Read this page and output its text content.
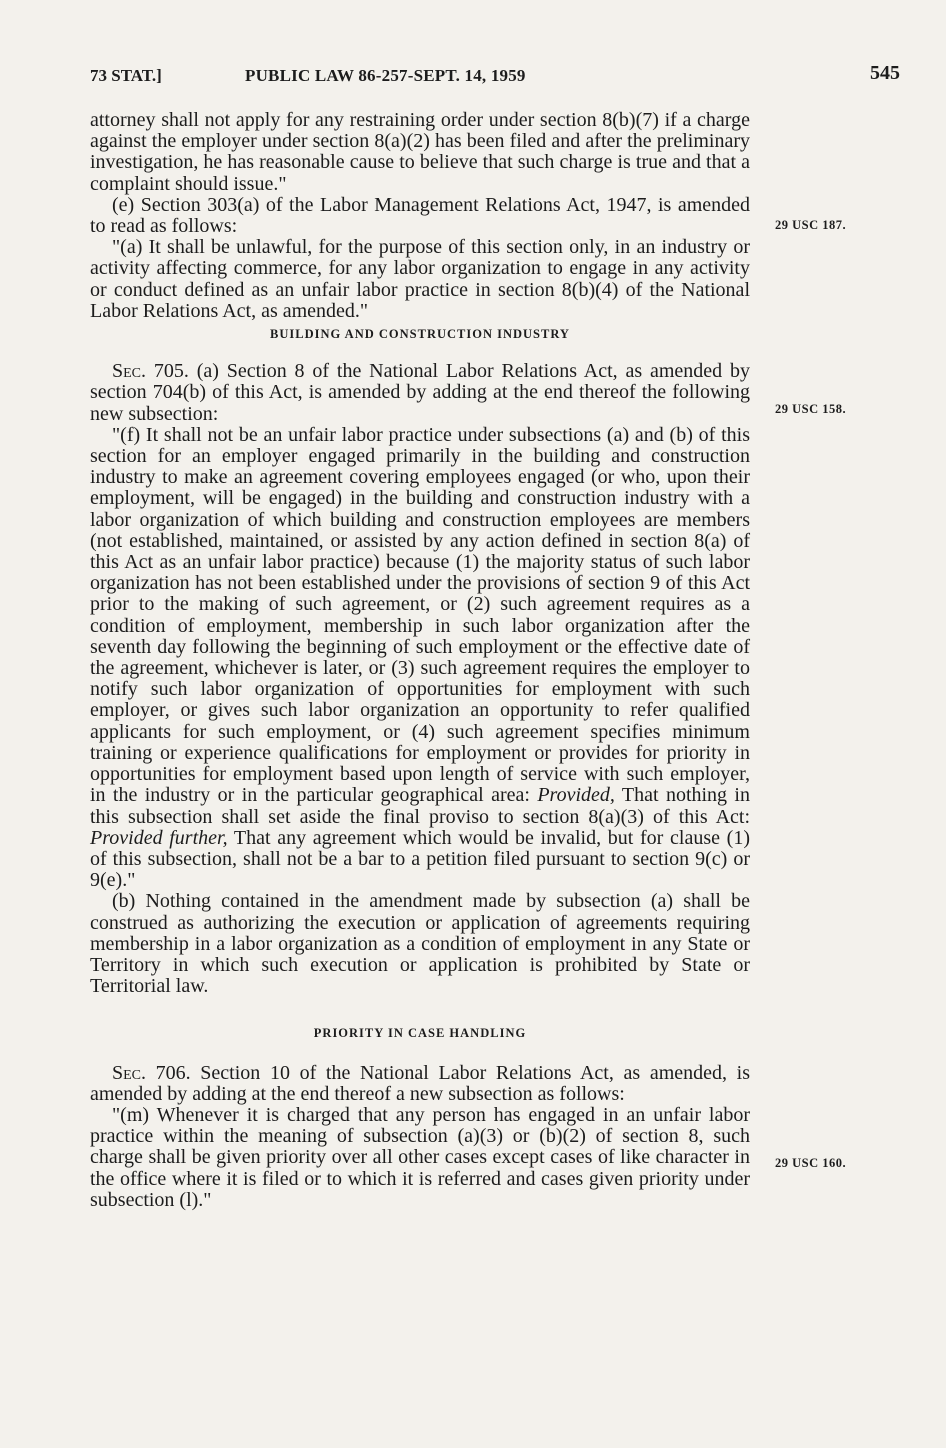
73 STAT.]	PUBLIC LAW 86-257-SEPT. 14, 1959	545
29 USC 187.
29 USC 158.
29 USC 160.

attorney shall not apply for any restraining order under section 8(b)(7) if a charge against the employer under section 8(a)(2) has been filed and after the preliminary investigation, he has reasonable cause to believe that such charge is true and that a complaint should issue."

(e) Section 303(a) of the Labor Management Relations Act, 1947, is amended to read as follows:

"(a) It shall be unlawful, for the purpose of this section only, in an industry or activity affecting commerce, for any labor organization to engage in any activity or conduct defined as an unfair labor practice in section 8(b)(4) of the National Labor Relations Act, as amended."

BUILDING AND CONSTRUCTION INDUSTRY

Sec. 705. (a) Section 8 of the National Labor Relations Act, as amended by section 704(b) of this Act, is amended by adding at the end thereof the following new subsection:

"(f) It shall not be an unfair labor practice under subsections (a) and (b) of this section for an employer engaged primarily in the building and construction industry to make an agreement covering employees engaged (or who, upon their employment, will be engaged) in the building and construction industry with a labor organization of which building and construction employees are members (not established, maintained, or assisted by any action defined in section 8(a) of this Act as an unfair labor practice) because (1) the majority status of such labor organization has not been established under the provisions of section 9 of this Act prior to the making of such agreement, or (2) such agreement requires as a condition of employment, membership in such labor organization after the seventh day following the beginning of such employment or the effective date of the agreement, whichever is later, or (3) such agreement requires the employer to notify such labor organization of opportunities for employment with such employer, or gives such labor organization an opportunity to refer qualified applicants for such employment, or (4) such agreement specifies minimum training or experience qualifications for employment or provides for priority in opportunities for employment based upon length of service with such employer, in the industry or in the particular geographical area: Provided, That nothing in this subsection shall set aside the final proviso to section 8(a)(3) of this Act: Provided further, That any agreement which would be invalid, but for clause (1) of this subsection, shall not be a bar to a petition filed pursuant to section 9(c) or 9(e)."

(b) Nothing contained in the amendment made by subsection (a) shall be construed as authorizing the execution or application of agreements requiring membership in a labor organization as a condition of employment in any State or Territory in which such execution or application is prohibited by State or Territorial law.

PRIORITY IN CASE HANDLING

Sec. 706. Section 10 of the National Labor Relations Act, as amended, is amended by adding at the end thereof a new subsection as follows:

"(m) Whenever it is charged that any person has engaged in an unfair labor practice within the meaning of subsection (a)(3) or (b)(2) of section 8, such charge shall be given priority over all other cases except cases of like character in the office where it is filed or to which it is referred and cases given priority under subsection (l)."
